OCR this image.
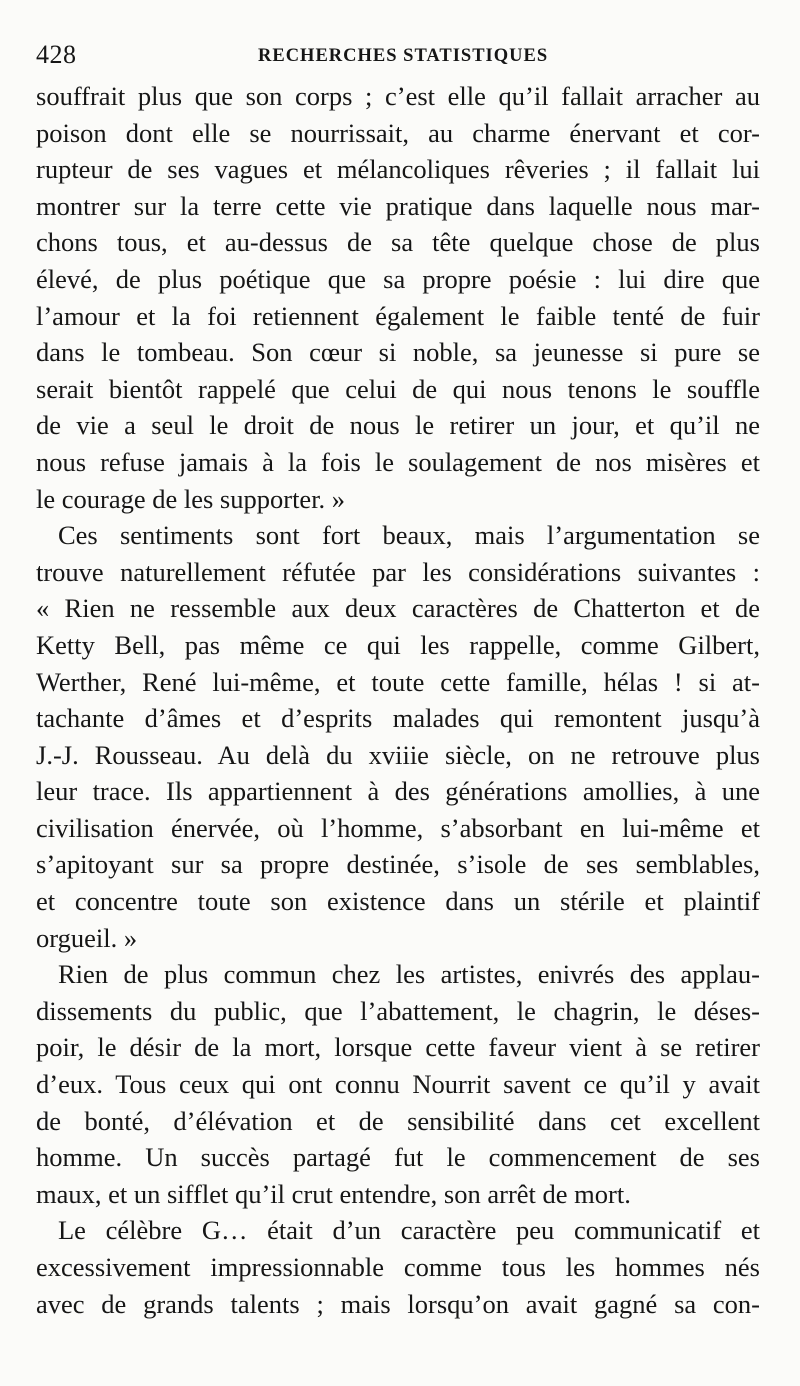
428	RECHERCHES STATISTIQUES
souffrait plus que son corps ; c’est elle qu’il fallait arracher au
poison dont elle se nourrissait, au charme énervant et cor-
rupteur de ses vagues et mélancoliques rêveries ; il fallait lui
montrer sur la terre cette vie pratique dans laquelle nous mar-
chons tous, et au-dessus de sa tête quelque chose de plus
élevé, de plus poétique que sa propre poésie : lui dire que
l’amour et la foi retiennent également le faible tenté de fuir
dans le tombeau. Son cœur si noble, sa jeunesse si pure se
serait bientôt rappelé que celui de qui nous tenons le souffle
de vie a seul le droit de nous le retirer un jour, et qu’il ne
nous refuse jamais à la fois le soulagement de nos misères et
le courage de les supporter. »
Ces sentiments sont fort beaux, mais l’argumentation se
trouve naturellement réfutée par les considérations suivantes :
« Rien ne ressemble aux deux caractères de Chatterton et de
Ketty Bell, pas même ce qui les rappelle, comme Gilbert,
Werther, René lui-même, et toute cette famille, hélas ! si at-
tachante d’âmes et d’esprits malades qui remontent jusqu’à
J.-J. Rousseau. Au delà du xviiie siècle, on ne retrouve plus
leur trace. Ils appartiennent à des générations amollies, à une
civilisation énervée, où l’homme, s’absorbant en lui-même et
s’apitoyant sur sa propre destinée, s’isole de ses semblables,
et concentre toute son existence dans un stérile et plaintif
orgueil. »
Rien de plus commun chez les artistes, enivrés des applau-
dissements du public, que l’abattement, le chagrin, le déses-
poir, le désir de la mort, lorsque cette faveur vient à se retirer
d’eux. Tous ceux qui ont connu Nourrit savent ce qu’il y avait
de bonté, d’élévation et de sensibilité dans cet excellent
homme. Un succès partagé fut le commencement de ses
maux, et un sifflet qu’il crut entendre, son arrêt de mort.
Le célèbre G… était d’un caractère peu communicatif et
excessivement impressionnable comme tous les hommes nés
avec de grands talents ; mais lorsqu’on avait gagné sa con-
